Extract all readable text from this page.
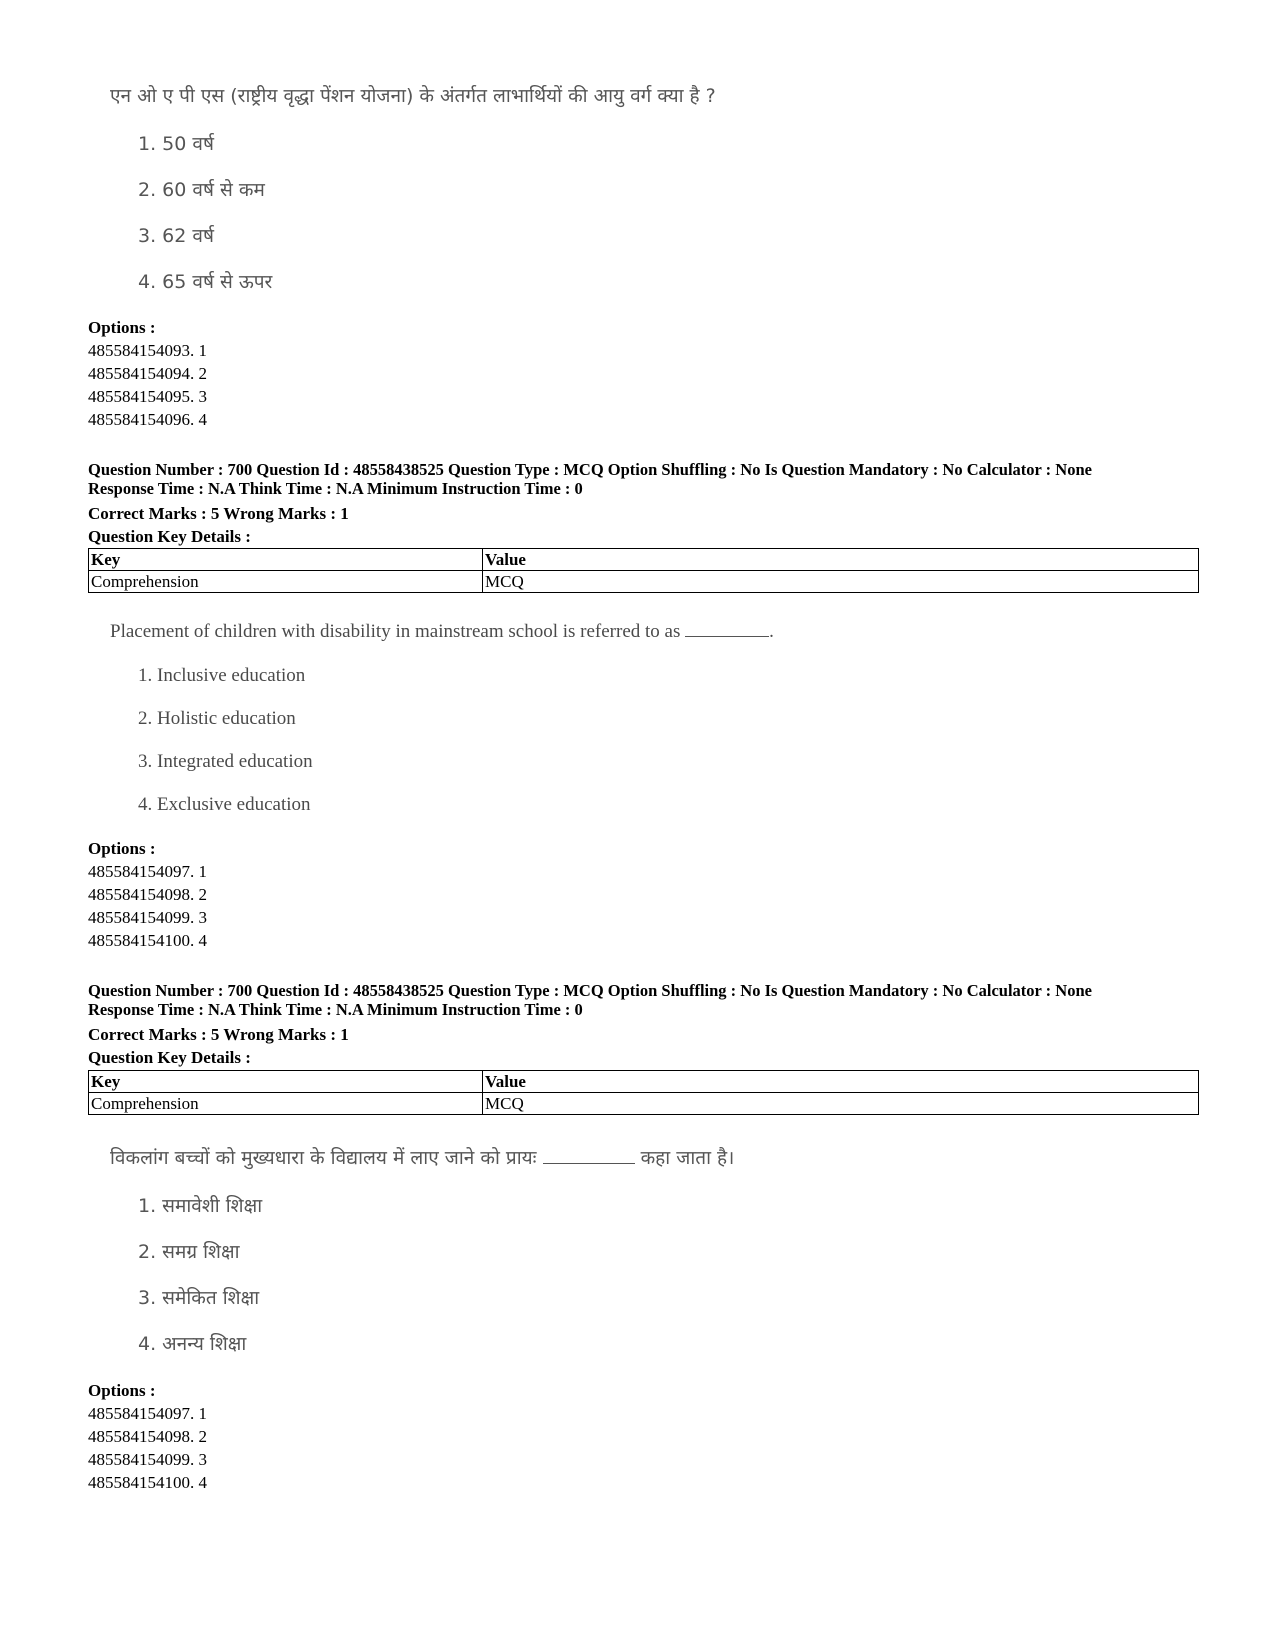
एन ओ ए पी एस (राष्ट्रीय वृद्धा पेंशन योजना) के अंतर्गत लाभार्थियों की आयु वर्ग क्या है ?
1. 50 वर्ष
2. 60 वर्ष से कम
3. 62 वर्ष
4. 65 वर्ष से ऊपर
Options :
485584154093. 1
485584154094. 2
485584154095. 3
485584154096. 4
Question Number : 700 Question Id : 48558438525 Question Type : MCQ Option Shuffling : No Is Question Mandatory : No Calculator : None
Response Time : N.A Think Time : N.A Minimum Instruction Time : 0
Correct Marks : 5 Wrong Marks : 1
Question Key Details :
Key	Value
Comprehension	MCQ
Placement of children with disability in mainstream school is referred to as	.
1. Inclusive education
2. Holistic education
3. Integrated education
4. Exclusive education
Options :
485584154097. 1
485584154098. 2
485584154099. 3
485584154100. 4
Question Number : 700 Question Id : 48558438525 Question Type : MCQ Option Shuffling : No Is Question Mandatory : No Calculator : None
Response Time : N.A Think Time : N.A Minimum Instruction Time : 0
Correct Marks : 5 Wrong Marks : 1
Question Key Details :
Key	Value
Comprehension	MCQ
विकलांग बच्चों को मुख्यधारा के विद्यालय में लाए जाने को प्रायः	कहा जाता है।
1. समावेशी शिक्षा
2. समग्र शिक्षा
3. समेकित शिक्षा
4. अनन्य शिक्षा
Options :
485584154097. 1
485584154098. 2
485584154099. 3
485584154100. 4
